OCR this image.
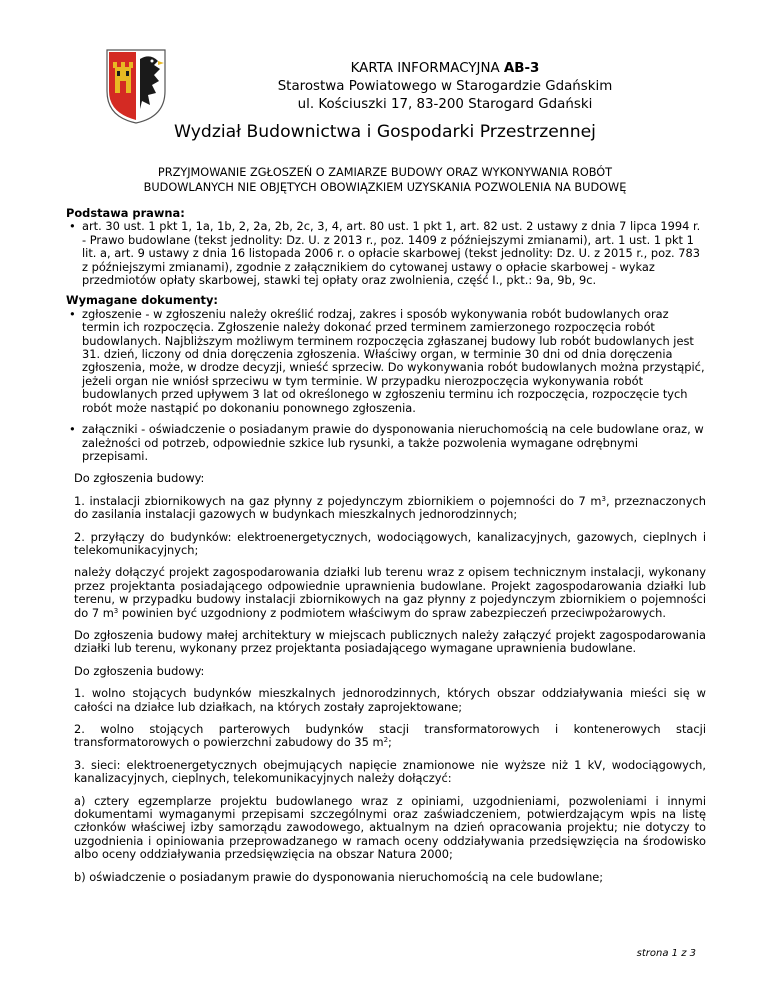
KARTA INFORMACYJNA AB-3
Starostwa Powiatowego w Starogardzie Gdańskim
ul. Kościuszki 17, 83-200 Starogard Gdański
Wydział Budownictwa i Gospodarki Przestrzennej
PRZYJMOWANIE ZGŁOSZEŃ O ZAMIARZE BUDOWY ORAZ WYKONYWANIA ROBÓT
BUDOWLANYCH NIE OBJĘTYCH OBOWIĄZKIEM UZYSKANIA POZWOLENIA NA BUDOWĘ
Podstawa prawna:
• art. 30 ust. 1 pkt 1, 1a, 1b, 2, 2a, 2b, 2c, 3, 4, art. 80 ust. 1 pkt 1, art. 82 ust. 2 ustawy z dnia 7 lipca 1994 r. - Prawo budowlane (tekst jednolity: Dz. U. z 2013 r., poz. 1409 z późniejszymi zmianami), art. 1 ust. 1 pkt 1 lit. a, art. 9 ustawy z dnia 16 listopada 2006 r. o opłacie skarbowej (tekst jednolity: Dz. U. z 2015 r., poz. 783 z późniejszymi zmianami), zgodnie z załącznikiem do cytowanej ustawy o opłacie skarbowej - wykaz przedmiotów opłaty skarbowej, stawki tej opłaty oraz zwolnienia, część I., pkt.: 9a, 9b, 9c.
Wymagane dokumenty:
• zgłoszenie - w zgłoszeniu należy określić rodzaj, zakres i sposób wykonywania robót budowlanych oraz termin ich rozpoczęcia. Zgłoszenie należy dokonać przed terminem zamierzonego rozpoczęcia robót budowlanych. Najbliższym możliwym terminem rozpoczęcia zgłaszanej budowy lub robót budowlanych jest 31. dzień, liczony od dnia doręczenia zgłoszenia. Właściwy organ, w terminie 30 dni od dnia doręczenia zgłoszenia, może, w drodze decyzji, wnieść sprzeciw. Do wykonywania robót budowlanych można przystąpić, jeżeli organ nie wniósł sprzeciwu w tym terminie. W przypadku nierozpoczęcia wykonywania robót budowlanych przed upływem 3 lat od określonego w zgłoszeniu terminu ich rozpoczęcia, rozpoczęcie tych robót może nastąpić po dokonaniu ponownego zgłoszenia.
• załączniki - oświadczenie o posiadanym prawie do dysponowania nieruchomością na cele budowlane oraz, w zależności od potrzeb, odpowiednie szkice lub rysunki, a także pozwolenia wymagane odrębnymi przepisami.
Do zgłoszenia budowy:
1. instalacji zbiornikowych na gaz płynny z pojedynczym zbiornikiem o pojemności do 7 $m^3$, przeznaczonych do zasilania instalacji gazowych w budynkach mieszkalnych jednorodzinnych;
2. przyłączy do budynków: elektroenergetycznych, wodociągowych, kanalizacyjnych, gazowych, cieplnych i telekomunikacyjnych;
należy dołączyć projekt zagospodarowania działki lub terenu wraz z opisem technicznym instalacji, wykonany przez projektanta posiadającego odpowiednie uprawnienia budowlane. Projekt zagospodarowania działki lub terenu, w przypadku budowy instalacji zbiornikowych na gaz płynny z pojedynczym zbiornikiem o pojemności do 7 $m^3$ powinien być uzgodniony z podmiotem właściwym do spraw zabezpieczeń przeciwpożarowych.
Do zgłoszenia budowy małej architektury w miejscach publicznych należy załączyć projekt zagospodarowania działki lub terenu, wykonany przez projektanta posiadającego wymagane uprawnienia budowlane.
Do zgłoszenia budowy:
1. wolno stojących budynków mieszkalnych jednorodzinnych, których obszar oddziaływania mieści się w całości na działce lub działkach, na których zostały zaprojektowane;
2. wolno stojących parterowych budynków stacji transformatorowych i kontenerowych stacji transformatorowych o powierzchni zabudowy do 35 $m^2$;
3. sieci: elektroenergetycznych obejmujących napięcie znamionowe nie wyższe niż 1 kV, wodociągowych, kanalizacyjnych, cieplnych, telekomunikacyjnych należy dołączyć:
a) cztery egzemplarze projektu budowlanego wraz z opiniami, uzgodnieniami, pozwoleniami i innymi dokumentami wymaganymi przepisami szczególnymi oraz zaświadczeniem, potwierdzającym wpis na listę członków właściwej izby samorządu zawodowego, aktualnym na dzień opracowania projektu; nie dotyczy to uzgodnienia i opiniowania przeprowadzanego w ramach oceny oddziaływania przedsięwzięcia na środowisko albo oceny oddziaływania przedsięwzięcia na obszar Natura 2000;
b) oświadczenie o posiadanym prawie do dysponowania nieruchomością na cele budowlane;
strona 1 z 3
